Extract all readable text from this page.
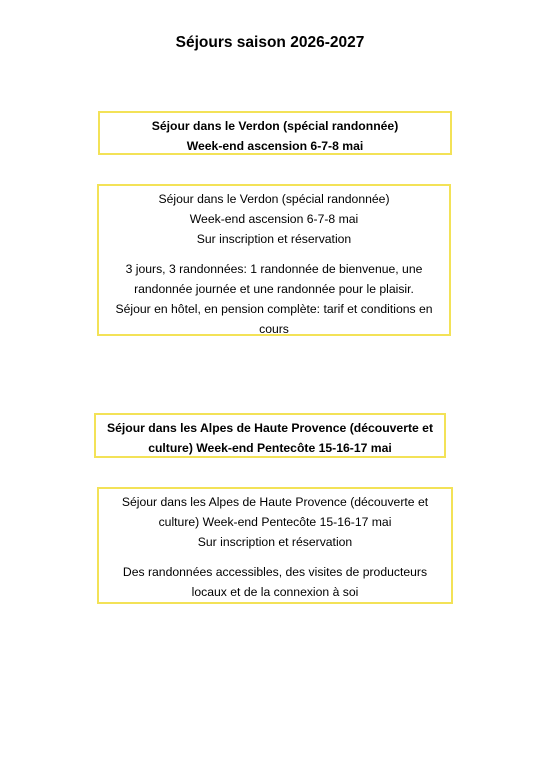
Séjours saison 2026-2027
Séjour dans le Verdon (spécial randonnée)
Week-end ascension 6-7-8 mai
Séjour dans le Verdon (spécial randonnée)
Week-end ascension 6-7-8 mai
Sur inscription et réservation
3 jours, 3 randonnées: 1 randonnée de bienvenue, une randonnée journée et une randonnée pour le plaisir.
Séjour en hôtel, en pension complète: tarif et conditions en cours
Séjour dans les Alpes de Haute Provence (découverte et culture) Week-end Pentecôte 15-16-17 mai
Séjour dans les Alpes de Haute Provence (découverte et culture) Week-end Pentecôte 15-16-17 mai
Sur inscription et réservation
Des randonnées accessibles, des visites de producteurs locaux et de la connexion à soi
